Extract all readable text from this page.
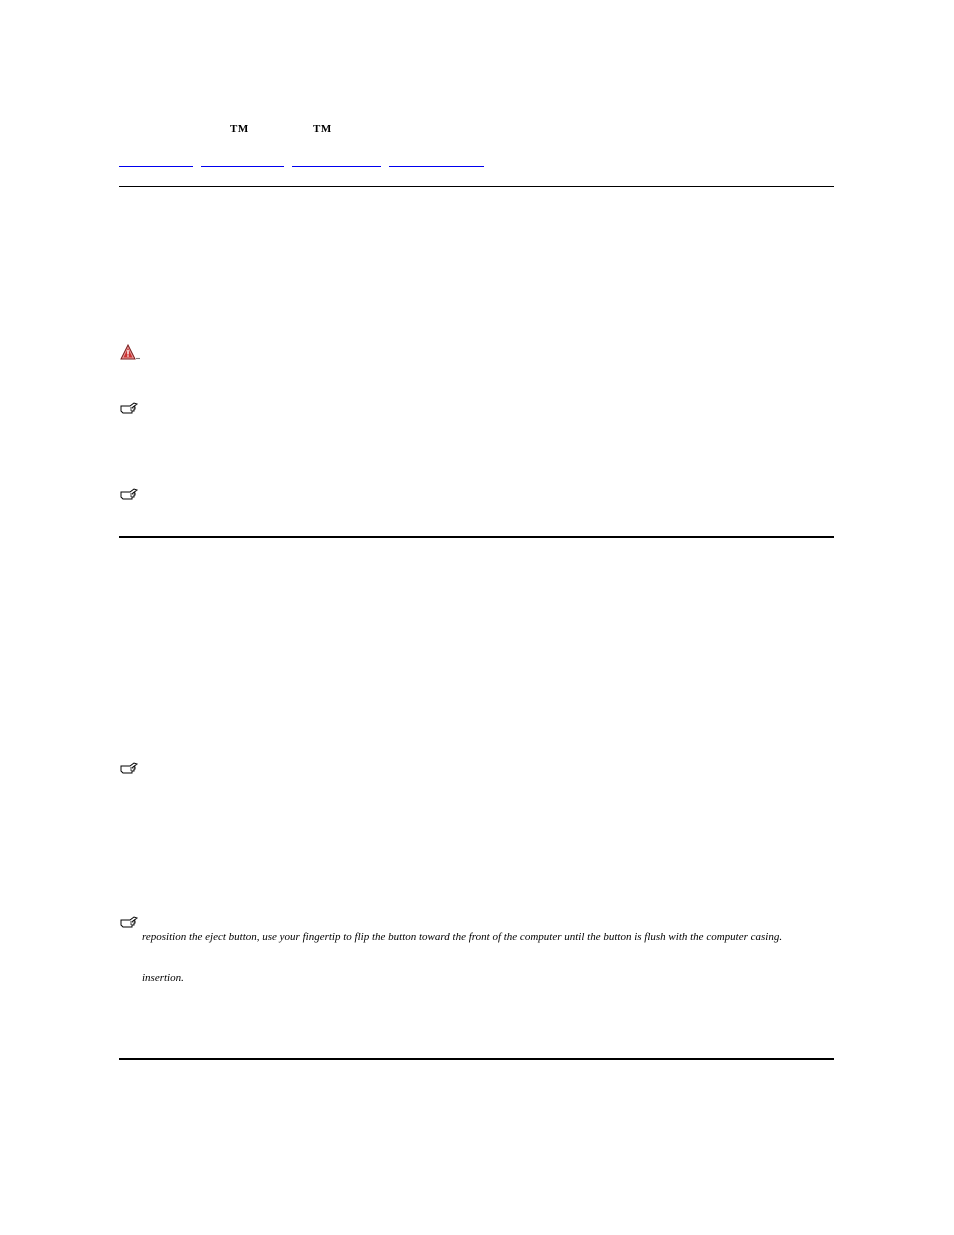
TM	TM
reposition the eject button, use your fingertip to flip the button toward the front of the computer until the button is flush with the computer casing.
insertion.
